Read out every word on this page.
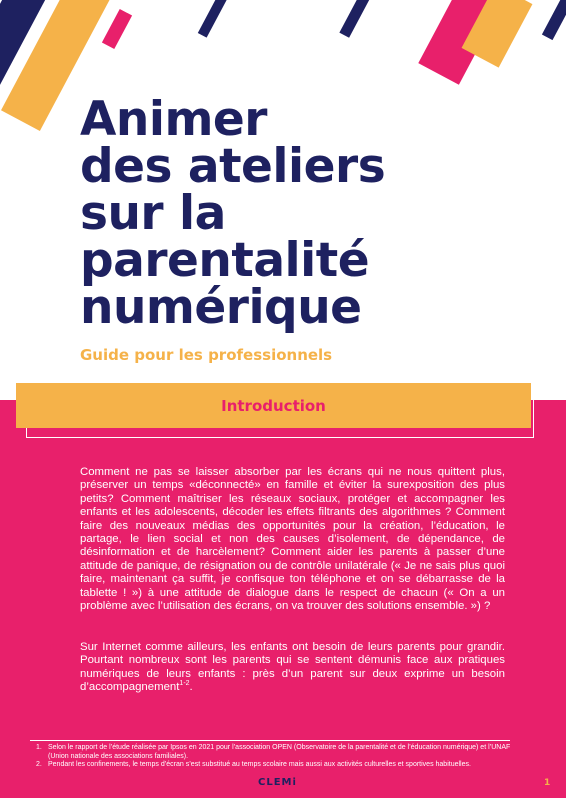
Animer
des ateliers
sur la
parentalité
numérique
Guide pour les professionnels
Introduction

Comment ne pas se laisser absorber par les écrans qui ne nous quittent plus, préserver un temps «déconnecté» en famille et éviter la surexposition des plus petits? Comment maîtriser les réseaux sociaux, protéger et accompagner les enfants et les adolescents, décoder les effets filtrants des algorithmes ? Comment faire des nouveaux médias des opportunités pour la création, l’éducation, le partage, le lien social et non des causes d’isolement, de dépendance, de désinformation et de harcèlement? Comment aider les parents à passer d’une attitude de panique, de résignation ou de contrôle unilatérale (« Je ne sais plus quoi faire, maintenant ça suffit, je confisque ton téléphone et on se débarrasse de la tablette ! ») à une attitude de dialogue dans le respect de chacun (« On a un problème avec l’utilisation des écrans, on va trouver des solutions ensemble. ») ?

Sur Internet comme ailleurs, les enfants ont besoin de leurs parents pour grandir. Pourtant nombreux sont les parents qui se sentent démunis face aux pratiques numériques de leurs enfants : près d’un parent sur deux exprime un besoin d’accompagnement$^{1-2}$.

1. Selon le rapport de l’étude réalisée par Ipsos en 2021 pour l’association OPEN (Observatoire de la parentalité et de l’éducation numérique) et l’UNAF (Union nationale des associations familiales).
2. Pendant les confinements, le temps d’écran s’est substitué au temps scolaire mais aussi aux activités culturelles et sportives habituelles.
CLEMi	1
